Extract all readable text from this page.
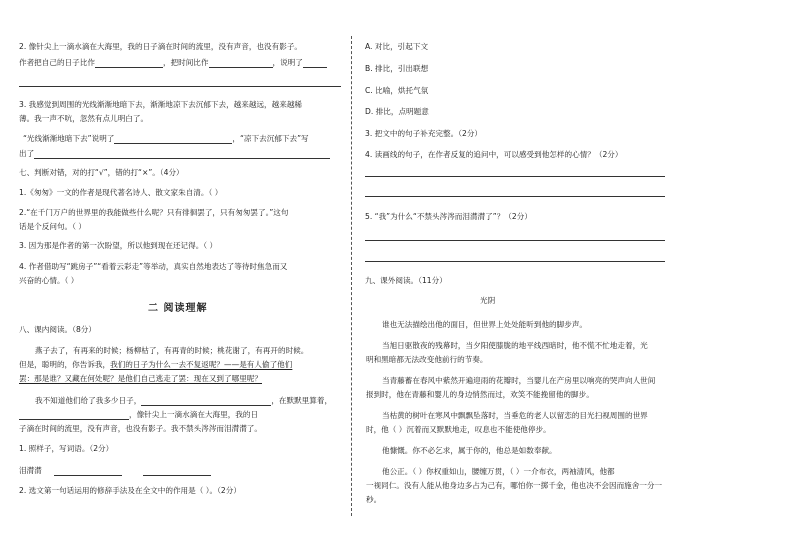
2. 像针尖上一滴水滴在大海里，我的日子滴在时间的流里，没有声音，也没有影子。
作者把自己的日子比作	，把时间比作	，说明了
3. 我感觉到周围的光线渐渐地暗下去，渐渐地凉下去沉郁下去，越来越远，越来越稀
薄。我一声不吭，忽然有点儿明白了。
“光线渐渐地暗下去”说明了	，“凉下去沉郁下去”写
出了
七、判断对错，对的打“√”，错的打“×”。（4分）
1.《匆匆》一文的作者是现代著名诗人、散文家朱自清。（ ）
2.“在千门万户的世界里的我能做些什么呢？只有徘徊罢了，只有匆匆罢了。”这句
话是个反问句。（ ）
3. 因为那是作者的第一次盼望，所以他到现在还记得。（ ）
4. 作者借助写“跳房子”“看着云彩走”等举动，真实自然地表达了等待时焦急而又
兴奋的心情。（ ）
二 阅读理解
八、课内阅读。（8分）
燕子去了，有再来的时候；杨柳枯了，有再青的时候；桃花谢了，有再开的时候。
但是，聪明的，你告诉我，我们的日子为什么一去不复返呢？——是有人偷了他们
罢：那是谁？又藏在何处呢？是他们自己逃走了罢：现在又到了哪里呢？
我不知道他们给了我多少日子，	，在默默里算着，
，像针尖上一滴水滴在大海里，我的日
子滴在时间的流里，没有声音，也没有影子。我不禁头涔涔而泪潸潸了。
1. 照样子，写词语。（2分）
泪潸潸
2. 选文第一句话运用的修辞手法及在全文中的作用是（ ）。（2分）
A. 对比，引起下文
B. 排比，引出联想
C. 比喻，烘托气氛
D. 排比，点明题意
3. 把文中的句子补充完整。（2分）
4. 读画线的句子，在作者反复的追问中，可以感受到他怎样的心情？（2分）
5. “我”为什么“不禁头涔涔而泪潸潸了”？（2分）
九、课外阅读。（11分）
光阴
谁也无法描绘出他的面目，但世界上处处能听到他的脚步声。
当旭日驱散夜的残幕时，当夕阳使膝胧的地平线西暗时，他不慌不忙地走着，光
明和黑暗都无法改变他前行的节奏。
当青藤蓄在春风中紫然开遍迎雨的花瓣时，当婴儿在产房里以响亮的哭声向人世间
报到时，他在青藤和婴儿的身边悄然而过，欢笑不能挽留他的脚步。
当枯黄的树叶在寒风中飘飘坠落时，当垂危的老人以留恋的目光扫视周围的世界
时，他（ ）沉着而又默默地走，叹息也不能使他停步。
他慷慨。你不必乞求，属于你的，他总是如数奉献。
他公正。（ ）你权重如山，腰缠万贯，（ ）一介布衣，两袖清风，他都
一视同仁。没有人能从他身边多占为己有，哪怕你一掷千金，他也决不会因而施舍一分一
秒。
